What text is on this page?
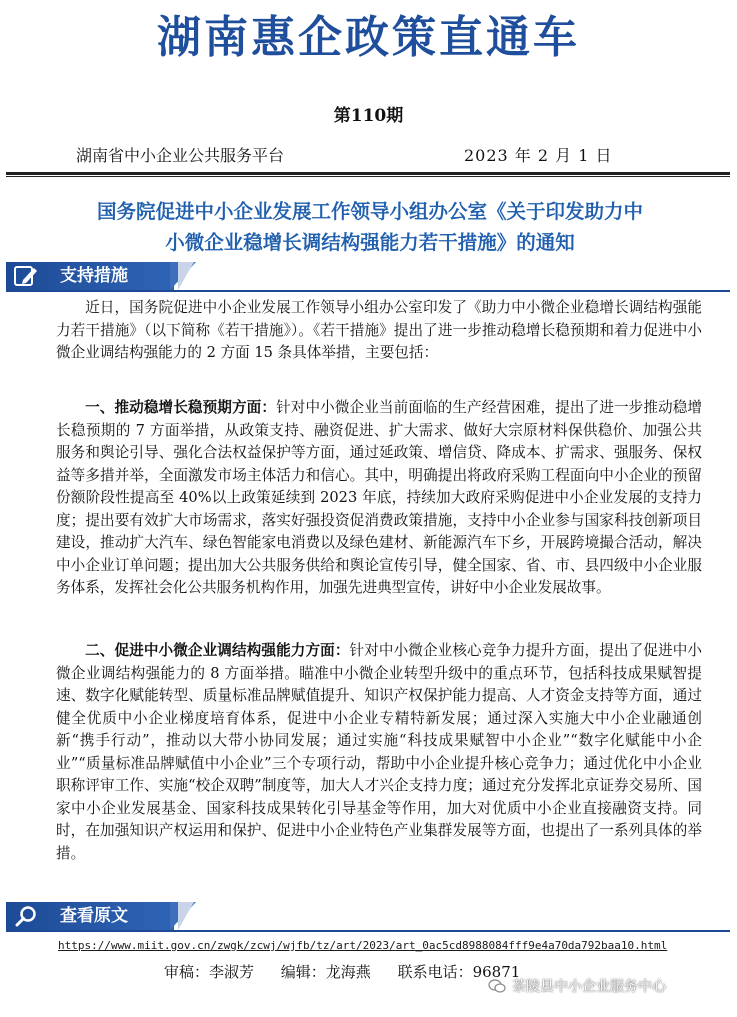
湖南惠企政策直通车
第110期
湖南省中小企业公共服务平台	2023 年 2 月 1 日
国务院促进中小企业发展工作领导小组办公室《关于印发助力中
小微企业稳增长调结构强能力若干措施》的通知
支持措施
近日，国务院促进中小企业发展工作领导小组办公室印发了《助力中小微企业稳增长调结构强能力若干措施》（以下简称《若干措施》）。《若干措施》提出了进一步推动稳增长稳预期和着力促进中小微企业调结构强能力的 2 方面 15 条具体举措，主要包括：
一、推动稳增长稳预期方面：针对中小微企业当前面临的生产经营困难，提出了进一步推动稳增长稳预期的 7 方面举措，从政策支持、融资促进、扩大需求、做好大宗原材料保供稳价、加强公共服务和舆论引导、强化合法权益保护等方面，通过延政策、增信贷、降成本、扩需求、强服务、保权益等多措并举，全面激发市场主体活力和信心。其中，明确提出将政府采购工程面向中小企业的预留份额阶段性提高至 40%以上政策延续到 2023 年底，持续加大政府采购促进中小企业发展的支持力度；提出要有效扩大市场需求，落实好强投资促消费政策措施，支持中小企业参与国家科技创新项目建设，推动扩大汽车、绿色智能家电消费以及绿色建材、新能源汽车下乡，开展跨境撮合活动，解决中小企业订单问题；提出加大公共服务供给和舆论宣传引导，健全国家、省、市、县四级中小企业服务体系，发挥社会化公共服务机构作用，加强先进典型宣传，讲好中小企业发展故事。
二、促进中小微企业调结构强能力方面：针对中小微企业核心竞争力提升方面，提出了促进中小微企业调结构强能力的 8 方面举措。瞄准中小微企业转型升级中的重点环节，包括科技成果赋智提速、数字化赋能转型、质量标准品牌赋值提升、知识产权保护能力提高、人才资金支持等方面，通过健全优质中小企业梯度培育体系，促进中小企业专精特新发展；通过深入实施大中小企业融通创新“携手行动”，推动以大带小协同发展；通过实施“科技成果赋智中小企业”“数字化赋能中小企业”“质量标准品牌赋值中小企业”三个专项行动，帮助中小企业提升核心竞争力；通过优化中小企业职称评审工作、实施“校企双聘”制度等，加大人才兴企支持力度；通过充分发挥北京证券交易所、国家中小企业发展基金、国家科技成果转化引导基金等作用，加大对优质中小企业直接融资支持。同时，在加强知识产权运用和保护、促进中小企业特色产业集群发展等方面，也提出了一系列具体的举措。
查看原文
https://www.miit.gov.cn/zwgk/zcwj/wjfb/tz/art/2023/art_0ac5cd8988084fff9e4a70da792baa10.html
审稿：李淑芳 编辑：龙海燕 联系电话：96871
茶陵县中小企业服务中心
